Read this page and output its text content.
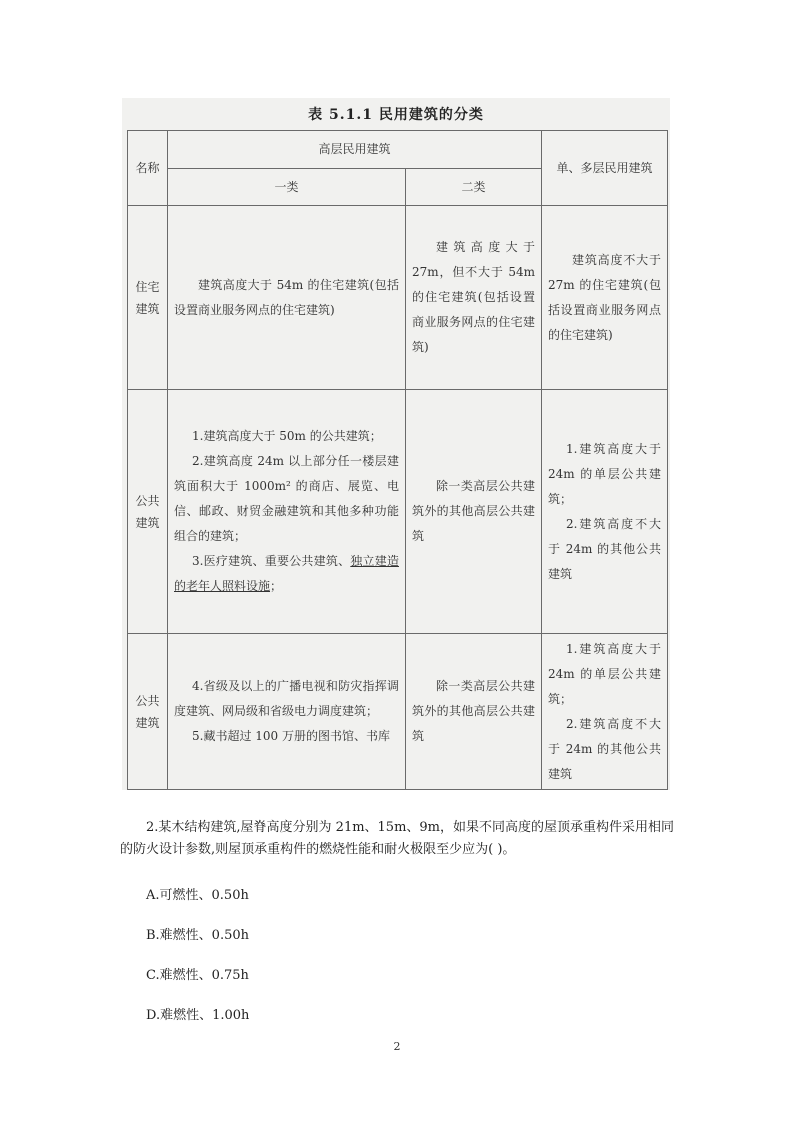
表 5.1.1 民用建筑的分类
名称	高层民用建筑		单、多层民用建筑
	一类	二类	
住宅
建筑	建筑高度大于 54m 的住宅建筑(包括设置商业服务网点的住宅建筑)	建筑高度大于 27m，但不大于 54m 的住宅建筑(包括设置商业服务网点的住宅建筑)	建筑高度不大于 27m 的住宅建筑(包括设置商业服务网点的住宅建筑)
公共
建筑	1.建筑高度大于 50m 的公共建筑；
2.建筑高度 24m 以上部分任一楼层建筑面积大于 1000m² 的商店、展览、电信、邮政、财贸金融建筑和其他多种功能组合的建筑；
3.医疗建筑、重要公共建筑、独立建造的老年人照料设施；	除一类高层公共建筑外的其他高层公共建筑	1.建筑高度大于 24m 的单层公共建筑；
2.建筑高度不大于 24m 的其他公共建筑

公共
建筑	4.省级及以上的广播电视和防灾指挥调度建筑、网局级和省级电力调度建筑；
5.藏书超过 100 万册的图书馆、书库	除一类高层公共建筑外的其他高层公共建筑	1.建筑高度大于 24m 的单层公共建筑；
2.建筑高度不大于 24m 的其他公共建筑
2.某木结构建筑,屋脊高度分别为 21m、15m、9m，如果不同高度的屋顶承重构件采用相同的防火设计参数,则屋顶承重构件的燃烧性能和耐火极限至少应为( )。
A.可燃性、0.50h
B.难燃性、0.50h
C.难燃性、0.75h
D.难燃性、1.00h
2
